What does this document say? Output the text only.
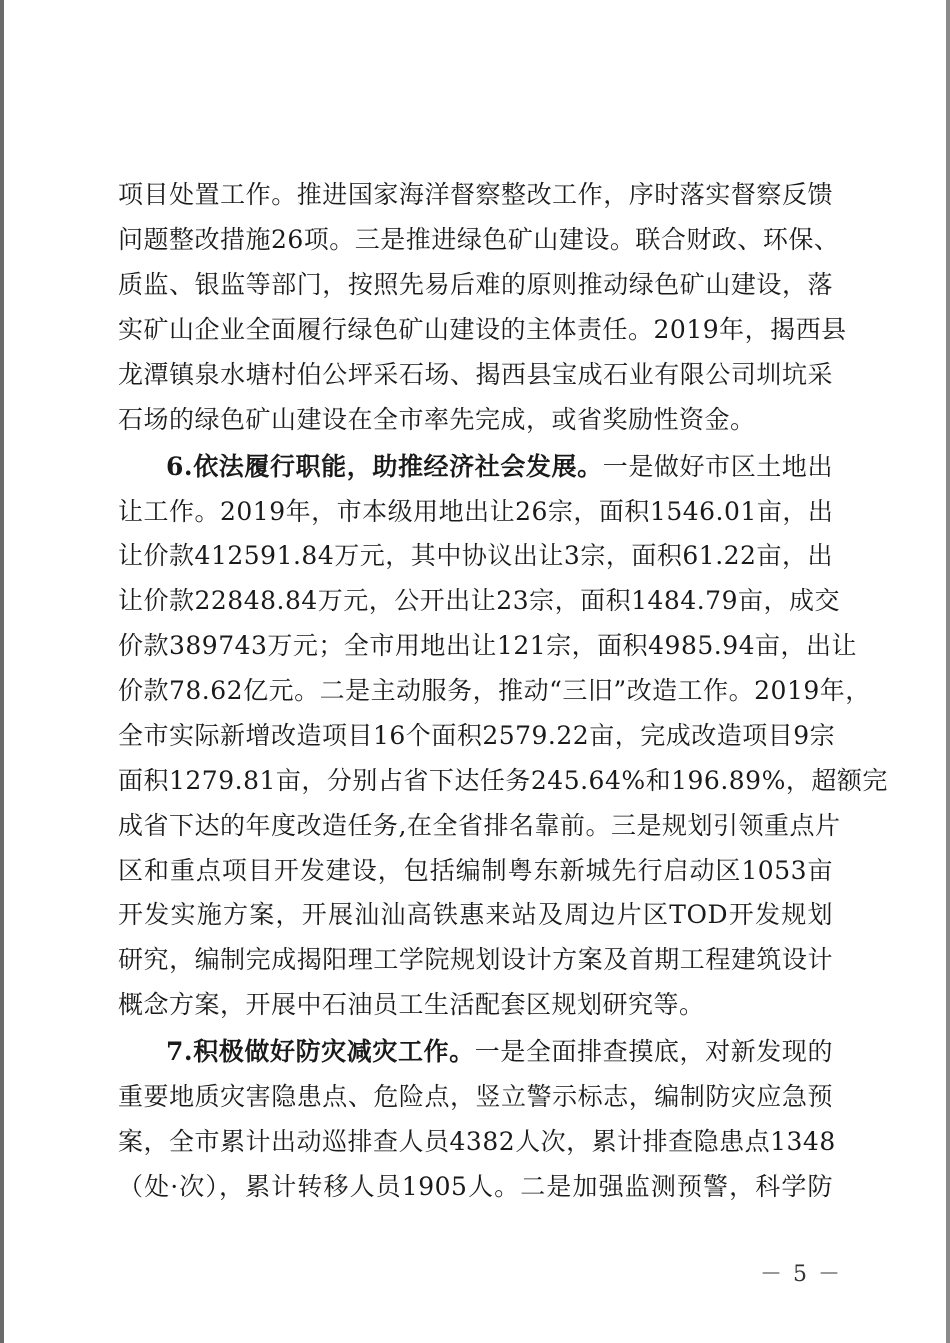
项目处置工作。推进国家海洋督察整改工作，序时落实督察反馈
问题整改措施26项。三是推进绿色矿山建设。联合财政、环保、
质监、银监等部门，按照先易后难的原则推动绿色矿山建设，落
实矿山企业全面履行绿色矿山建设的主体责任。2019年，揭西县
龙潭镇泉水塘村伯公坪采石场、揭西县宝成石业有限公司圳坑采
石场的绿色矿山建设在全市率先完成，或省奖励性资金。
6.依法履行职能，助推经济社会发展。一是做好市区土地出
让工作。2019年，市本级用地出让26宗，面积1546.01亩，出
让价款412591.84万元，其中协议出让3宗，面积61.22亩，出
让价款22848.84万元，公开出让23宗，面积1484.79亩，成交
价款389743万元；全市用地出让121宗，面积4985.94亩，出让
价款78.62亿元。二是主动服务，推动“三旧”改造工作。2019年，
全市实际新增改造项目16个面积2579.22亩，完成改造项目9宗
面积1279.81亩，分别占省下达任务245.64%和196.89%，超额完
成省下达的年度改造任务,在全省排名靠前。三是规划引领重点片
区和重点项目开发建设，包括编制粤东新城先行启动区1053亩
开发实施方案，开展汕汕高铁惠来站及周边片区TOD开发规划
研究，编制完成揭阳理工学院规划设计方案及首期工程建筑设计
概念方案，开展中石油员工生活配套区规划研究等。
7.积极做好防灾减灾工作。一是全面排查摸底，对新发现的
重要地质灾害隐患点、危险点，竖立警示标志，编制防灾应急预
案，全市累计出动巡排查人员4382人次，累计排查隐患点1348
（处·次），累计转移人员1905人。二是加强监测预警，科学防
－ 5 －
